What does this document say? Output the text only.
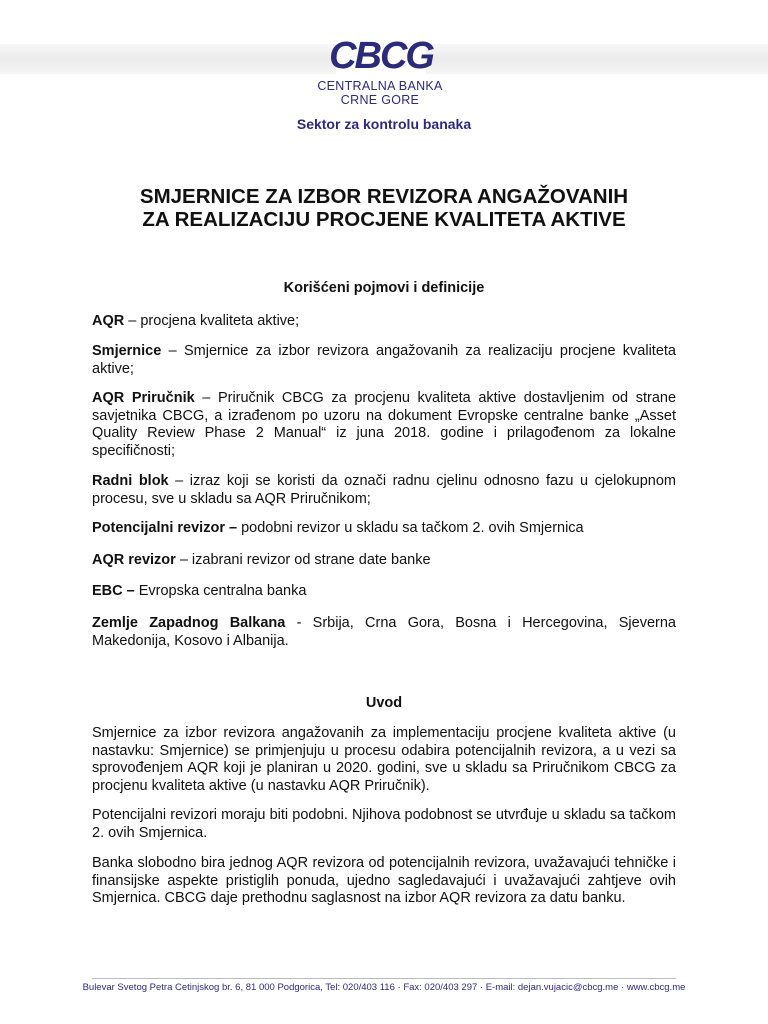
CBCG
CENTRALNA BANKA
CRNE GORE
Sektor za kontrolu banaka
SMJERNICE ZA IZBOR REVIZORA ANGAŽOVANIH
ZA REALIZACIJU PROCJENE KVALITETA AKTIVE
Korišćeni pojmovi i definicije
AQR – procjena kvaliteta aktive;
Smjernice – Smjernice za izbor revizora angažovanih za realizaciju procjene kvaliteta aktive;
AQR Priručnik – Priručnik CBCG za procjenu kvaliteta aktive dostavljenim od strane savjetnika CBCG, a izrađenom po uzoru na dokument Evropske centralne banke „Asset Quality Review Phase 2 Manual“ iz juna 2018. godine i prilagođenom za lokalne specifičnosti;
Radni blok – izraz koji se koristi da označi radnu cjelinu odnosno fazu u cjelokupnom procesu, sve u skladu sa AQR Priručnikom;
Potencijalni revizor – podobni revizor u skladu sa tačkom 2. ovih Smjernica
AQR revizor – izabrani revizor od strane date banke
EBC – Evropska centralna banka
Zemlje Zapadnog Balkana - Srbija, Crna Gora, Bosna i Hercegovina, Sjeverna Makedonija, Kosovo i Albanija.
Uvod
Smjernice za izbor revizora angažovanih za implementaciju procjene kvaliteta aktive (u nastavku: Smjernice) se primjenjuju u procesu odabira potencijalnih revizora, a u vezi sa sprovođenjem AQR koji je planiran u 2020. godini, sve u skladu sa Priručnikom CBCG za procjenu kvaliteta aktive (u nastavku AQR Priručnik).
Potencijalni revizori moraju biti podobni. Njihova podobnost se utvrđuje u skladu sa tačkom 2. ovih Smjernica.
Banka slobodno bira jednog AQR revizora od potencijalnih revizora, uvažavajući tehničke i finansijske aspekte pristiglih ponuda, ujedno sagledavajući i uvažavajući zahtjeve ovih Smjernica. CBCG daje prethodnu saglasnost na izbor AQR revizora za datu banku.
Bulevar Svetog Petra Cetinjskog br. 6, 81 000 Podgorica, Tel: 020/403 116 · Fax: 020/403 297 · E-mail: dejan.vujacic@cbcg.me · www.cbcg.me
